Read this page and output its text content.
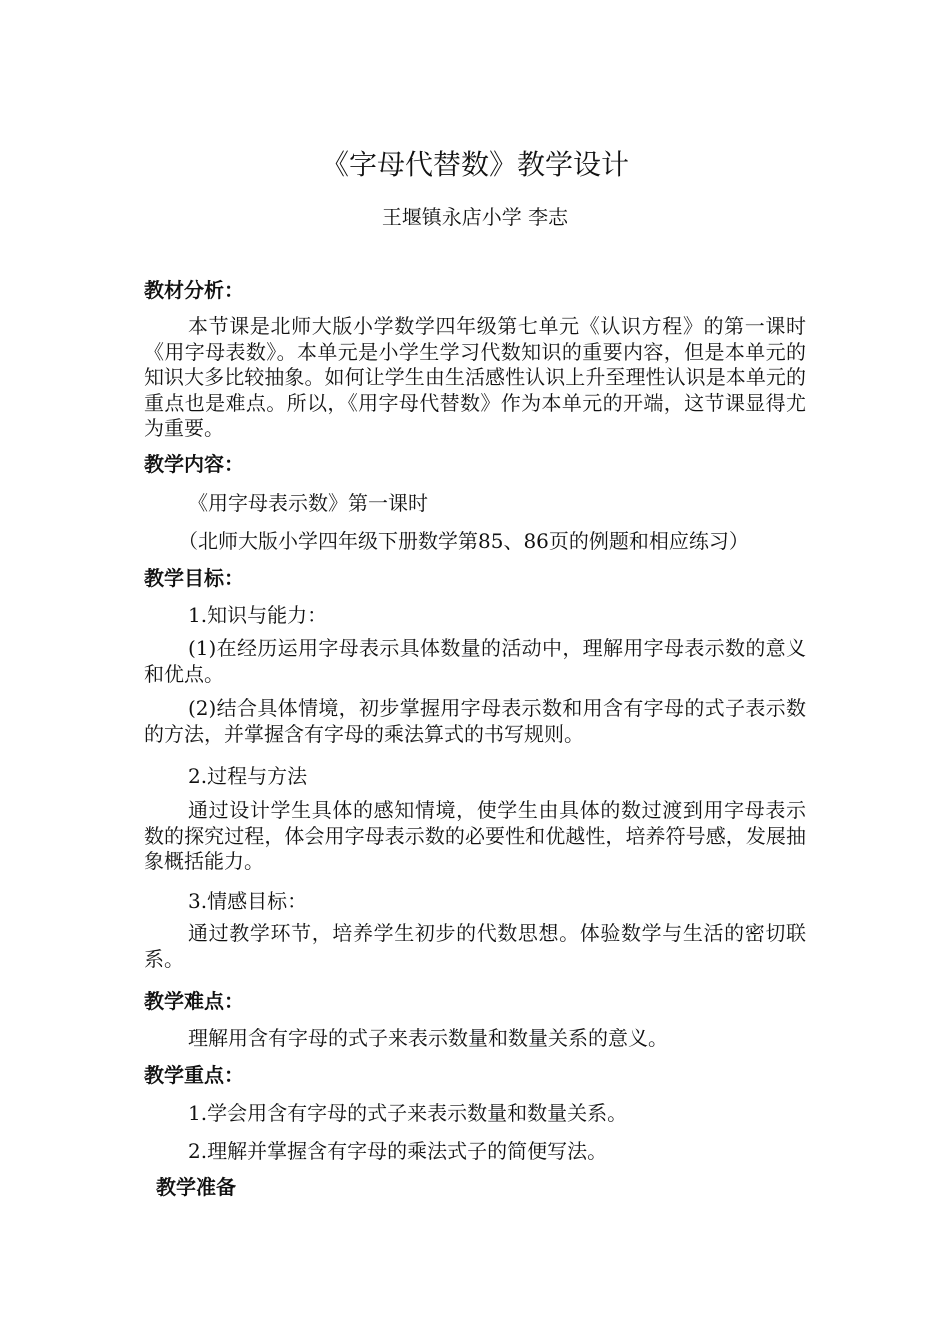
《字母代替数》教学设计
王堰镇永店小学 李志
教材分析：
本节课是北师大版小学数学四年级第七单元《认识方程》的第一课时《用字母表数》。本单元是小学生学习代数知识的重要内容，但是本单元的知识大多比较抽象。如何让学生由生活感性认识上升至理性认识是本单元的重点也是难点。所以，《用字母代替数》作为本单元的开端，这节课显得尤为重要。
教学内容：
《用字母表示数》第一课时
（北师大版小学四年级下册数学第85、86页的例题和相应练习）
教学目标：
1.知识与能力：
(1)在经历运用字母表示具体数量的活动中，理解用字母表示数的意义和优点。
(2)结合具体情境，初步掌握用字母表示数和用含有字母的式子表示数的方法，并掌握含有字母的乘法算式的书写规则。
2.过程与方法
通过设计学生具体的感知情境，使学生由具体的数过渡到用字母表示数的探究过程，体会用字母表示数的必要性和优越性，培养符号感，发展抽象概括能力。
3.情感目标：
通过教学环节，培养学生初步的代数思想。体验数学与生活的密切联系。
教学难点：
理解用含有字母的式子来表示数量和数量关系的意义。
教学重点：
1.学会用含有字母的式子来表示数量和数量关系。
2.理解并掌握含有字母的乘法式子的简便写法。
教学准备
